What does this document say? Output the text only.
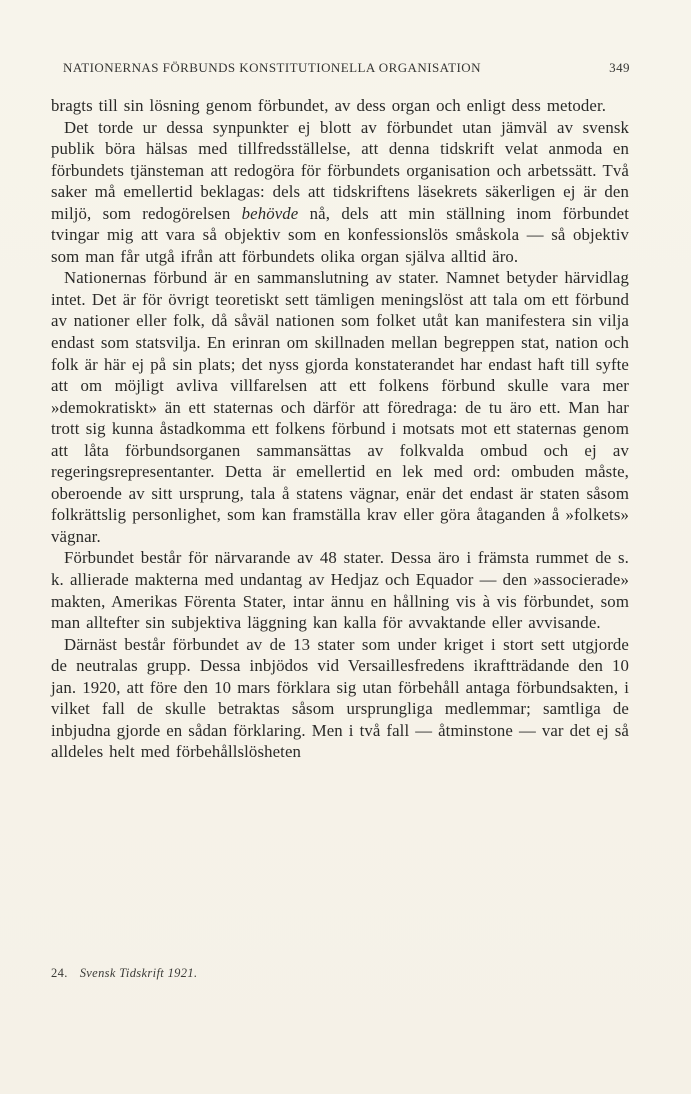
NATIONERNAS FÖRBUNDS KONSTITUTIONELLA ORGANISATION	349

bragts till sin lösning genom förbundet, av dess organ och enligt dess metoder.

Det torde ur dessa synpunkter ej blott av förbundet utan jämväl av svensk publik böra hälsas med tillfredsställelse, att denna tidskrift velat anmoda en förbundets tjänsteman att redogöra för förbundets organisation och arbetssätt. Två saker må emellertid beklagas: dels att tidskriftens läsekrets säkerligen ej är den miljö, som redogörelsen behövde nå, dels att min ställning inom förbundet tvingar mig att vara så objektiv som en konfessionslös småskola — så objektiv som man får utgå ifrån att förbundets olika organ själva alltid äro.

Nationernas förbund är en sammanslutning av stater. Namnet betyder härvidlag intet. Det är för övrigt teoretiskt sett tämligen meningslöst att tala om ett förbund av nationer eller folk, då såväl nationen som folket utåt kan manifestera sin vilja endast som statsvilja. En erinran om skillnaden mellan begreppen stat, nation och folk är här ej på sin plats; det nyss gjorda konstaterandet har endast haft till syfte att om möjligt avliva villfarelsen att ett folkens förbund skulle vara mer »demokratiskt» än ett staternas och därför att föredraga: de tu äro ett. Man har trott sig kunna åstadkomma ett folkens förbund i motsats mot ett staternas genom att låta förbundsorganen sammansättas av folkvalda ombud och ej av regeringsrepresentanter. Detta är emellertid en lek med ord: ombuden måste, oberoende av sitt ursprung, tala å statens vägnar, enär det endast är staten såsom folkrättslig personlighet, som kan framställa krav eller göra åtaganden å »folkets» vägnar.

Förbundet består för närvarande av 48 stater. Dessa äro i främsta rummet de s. k. allierade makterna med undantag av Hedjaz och Equador — den »associerade» makten, Amerikas Förenta Stater, intar ännu en hållning vis à vis förbundet, som man alltefter sin subjektiva läggning kan kalla för avvaktande eller avvisande.

Därnäst består förbundet av de 13 stater som under kriget i stort sett utgjorde de neutralas grupp. Dessa inbjödos vid Versaillesfredens ikraftträdande den 10 jan. 1920, att före den 10 mars förklara sig utan förbehåll antaga förbundsakten, i vilket fall de skulle betraktas såsom ursprungliga medlemmar; samtliga de inbjudna gjorde en sådan förklaring. Men i två fall — åtminstone — var det ej så alldeles helt med förbehållslösheten

24. Svensk Tidskrift 1921.
